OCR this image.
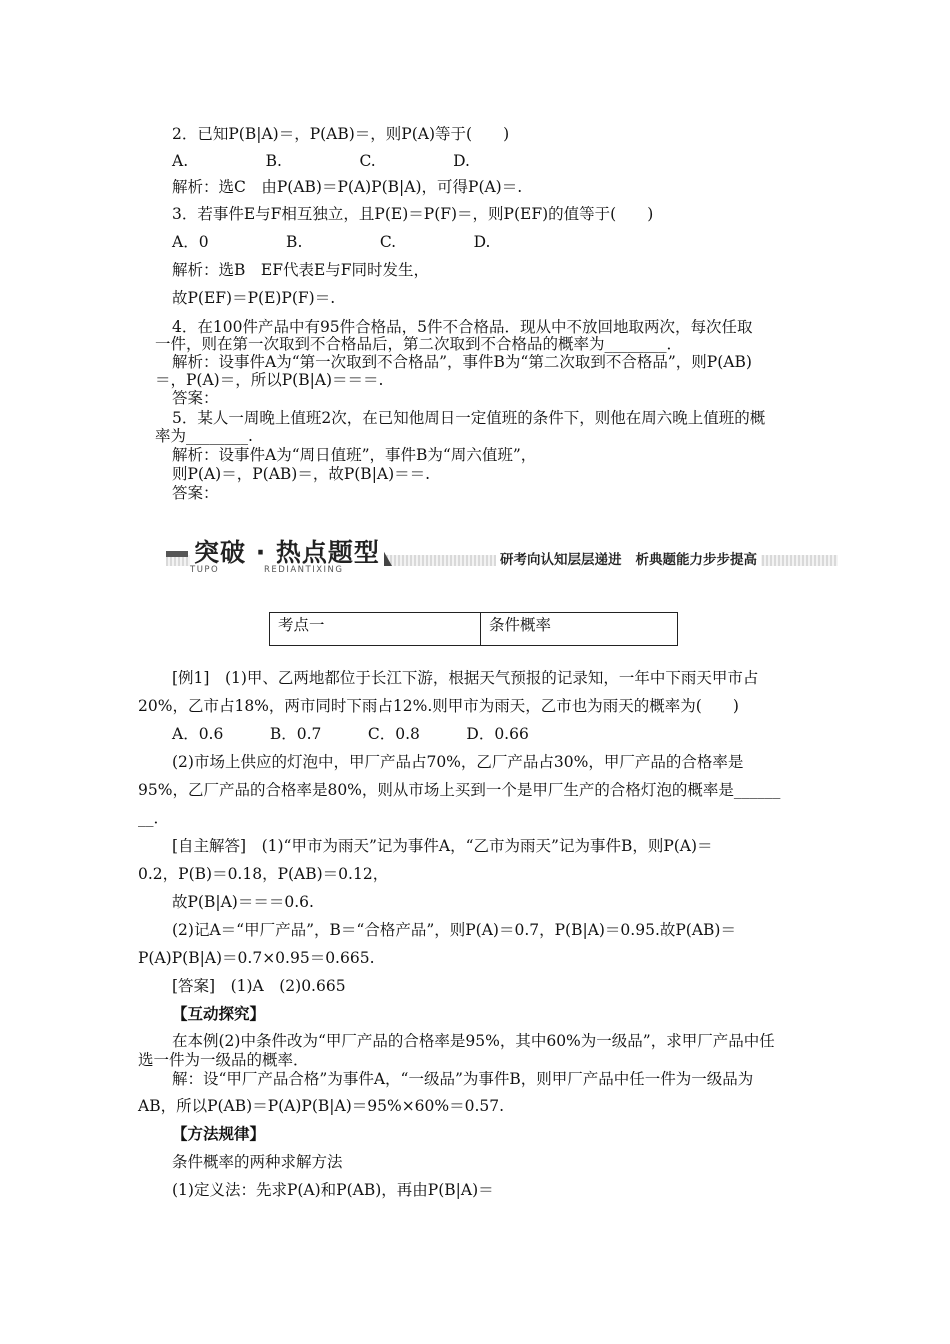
2．已知P(B|A)＝，P(AB)＝，则P(A)等于(　　)
A.　　　　　B.　　　　　C.　　　　　D.
解析：选C　由P(AB)＝P(A)P(B|A)，可得P(A)＝.
3．若事件E与F相互独立，且P(E)＝P(F)＝，则P(EF)的值等于(　　)
A．0　　　　　B.　　　　　C.　　　　　D.
解析：选B　EF代表E与F同时发生，
故P(EF)＝P(E)P(F)＝.
4．在100件产品中有95件合格品，5件不合格品．现从中不放回地取两次，每次任取
一件，则在第一次取到不合格品后，第二次取到不合格品的概率为________．
解析：设事件A为“第一次取到不合格品”，事件B为“第二次取到不合格品”，则P(AB)
＝，P(A)＝，所以P(B|A)＝＝＝.
答案：
5．某人一周晚上值班2次，在已知他周日一定值班的条件下，则他在周六晚上值班的概
率为________.
解析：设事件A为“周日值班”，事件B为“周六值班”，
则P(A)＝，P(AB)＝，故P(B|A)＝＝.
答案：
突破 · 热点题型
TUPO	REDIANTIXING
研考向认知层层递进 析典题能力步步提高
考点一	条件概率
[例1]　(1)甲、乙两地都位于长江下游，根据天气预报的记录知，一年中下雨天甲市占
20%，乙市占18%，两市同时下雨占12%.则甲市为雨天，乙市也为雨天的概率为(　　)
A．0.6　　　B．0.7　　　C．0.8　　　D．0.66
(2)市场上供应的灯泡中，甲厂产品占70%，乙厂产品占30%，甲厂产品的合格率是
95%，乙厂产品的合格率是80%，则从市场上买到一个是甲厂生产的合格灯泡的概率是______
__．
[自主解答]　(1)“甲市为雨天”记为事件A，“乙市为雨天”记为事件B，则P(A)＝
0.2，P(B)＝0.18，P(AB)＝0.12，
故P(B|A)＝＝＝0.6.
(2)记A＝“甲厂产品”，B＝“合格产品”，则P(A)＝0.7，P(B|A)＝0.95.故P(AB)＝
P(A)P(B|A)＝0.7×0.95＝0.665.
[答案]　(1)A　(2)0.665
【互动探究】
在本例(2)中条件改为“甲厂产品的合格率是95%，其中60%为一级品”，求甲厂产品中任
选一件为一级品的概率．
解：设“甲厂产品合格”为事件A，“一级品”为事件B，则甲厂产品中任一件为一级品为
AB，所以P(AB)＝P(A)P(B|A)＝95%×60%＝0.57.
【方法规律】
条件概率的两种求解方法
(1)定义法：先求P(A)和P(AB)，再由P(B|A)＝
